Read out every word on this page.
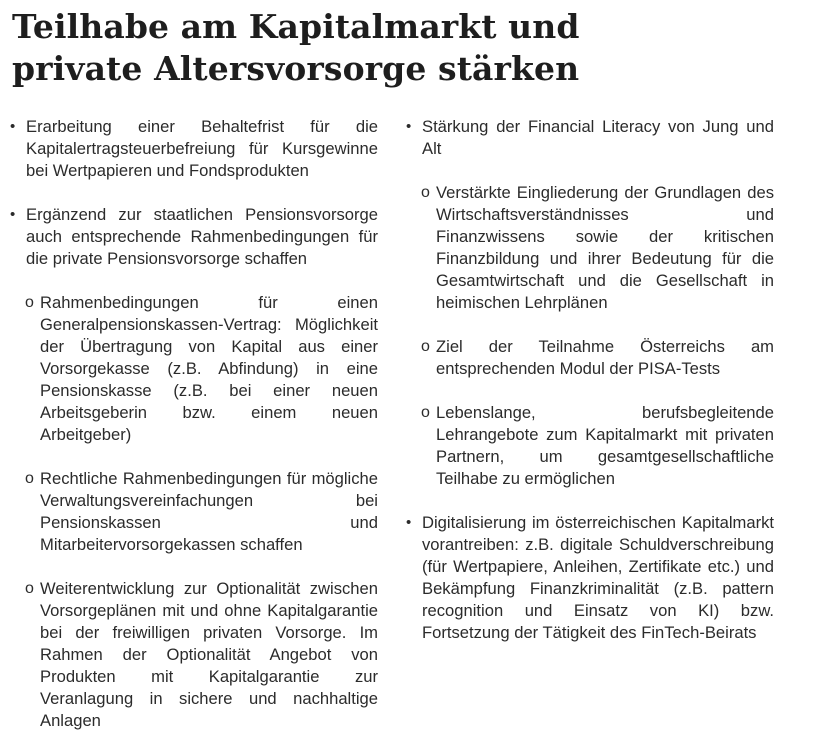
Teilhabe am Kapitalmarkt und
private Altersvorsorge stärken
• Erarbeitung einer Behaltefrist für die Kapitalertragsteuerbefreiung für Kursgewinne bei Wertpapieren und Fondsprodukten
• Ergänzend zur staatlichen Pensionsvorsorge auch entsprechende Rahmenbedingungen für die private Pensionsvorsorge schaffen
o Rahmenbedingungen für einen Generalpensionskassen-Vertrag: Möglichkeit der Übertragung von Kapital aus einer Vorsorgekasse (z.B. Abfindung) in eine Pensionskasse (z.B. bei einer neuen Arbeitsgeberin bzw. einem neuen Arbeitgeber)
o Rechtliche Rahmenbedingungen für mögliche Verwaltungsvereinfachungen bei Pensionskassen und Mitarbeitervorsorgekassen schaffen
o Weiterentwicklung zur Optionalität zwischen Vorsorgeplänen mit und ohne Kapitalgarantie bei der freiwilligen privaten Vorsorge. Im Rahmen der Optionalität Angebot von Produkten mit Kapitalgarantie zur Veranlagung in sichere und nachhaltige Anlagen
• Stärkung der Financial Literacy von Jung und Alt
o Verstärkte Eingliederung der Grundlagen des Wirtschaftsverständnisses und Finanzwissens sowie der kritischen Finanzbildung und ihrer Bedeutung für die Gesamtwirtschaft und die Gesellschaft in heimischen Lehrplänen
o Ziel der Teilnahme Österreichs am entsprechenden Modul der PISA-Tests
o Lebenslange, berufsbegleitende Lehrangebote zum Kapitalmarkt mit privaten Partnern, um gesamtgesellschaftliche Teilhabe zu ermöglichen
• Digitalisierung im österreichischen Kapitalmarkt vorantreiben: z.B. digitale Schuldverschreibung (für Wertpapiere, Anleihen, Zertifikate etc.) und Bekämpfung Finanzkriminalität (z.B. pattern recognition und Einsatz von KI) bzw. Fortsetzung der Tätigkeit des FinTech-Beirats
